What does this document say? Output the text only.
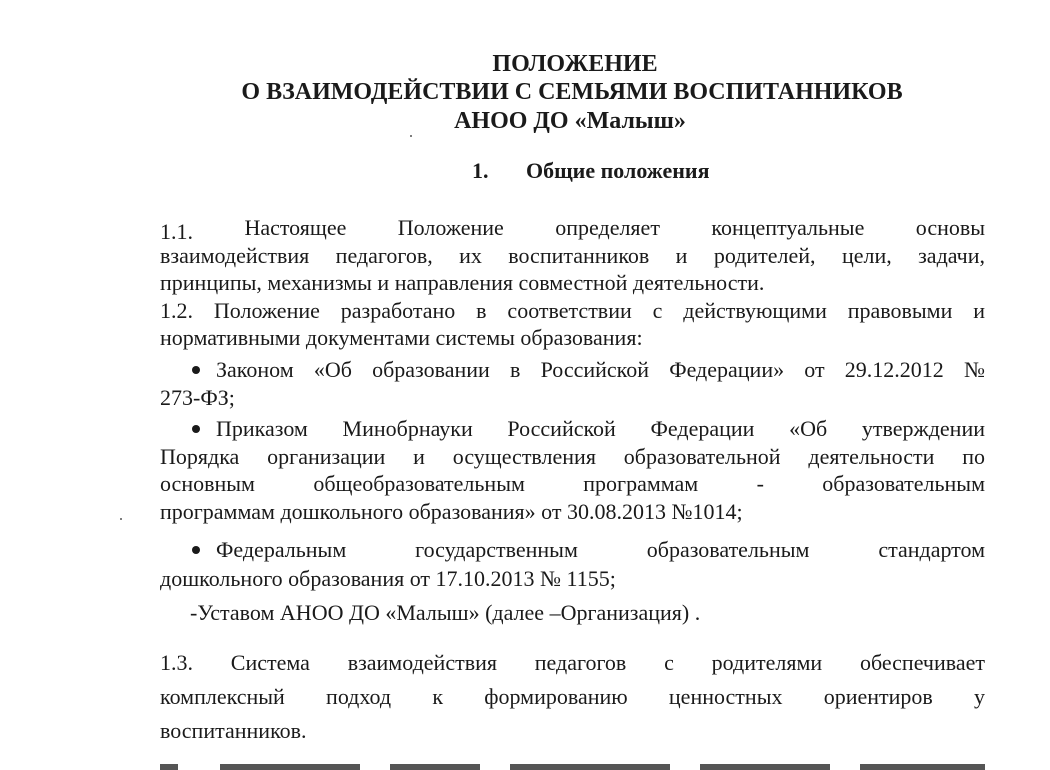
ПОЛОЖЕНИЕ
О ВЗАИМОДЕЙСТВИИ С СЕМЬЯМИ ВОСПИТАННИКОВ
АНОО ДО «Малыш»
1. Общие положения
1.1. Настоящее Положение определяет концептуальные основы
взаимодействия педагогов, их воспитанников и родителей, цели, задачи,
принципы, механизмы и направления совместной деятельности.
1.2. Положение разработано в соответствии с действующими правовыми и
нормативными документами системы образования:
Законом «Об образовании в Российской Федерации» от 29.12.2012 №
273-ФЗ;
Приказом Минобрнауки Российской Федерации «Об утверждении
Порядка организации и осуществления образовательной деятельности по
основным общеобразовательным программам - образовательным
программам дошкольного образования» от 30.08.2013 №1014;
Федеральным государственным образовательным стандартом
дошкольного образования от 17.10.2013 № 1155;
-Уставом АНОО ДО «Малыш» (далее –Организация) .
1.3. Система взаимодействия педагогов с родителями обеспечивает
комплексный подход к формированию ценностных ориентиров у
воспитанников.
